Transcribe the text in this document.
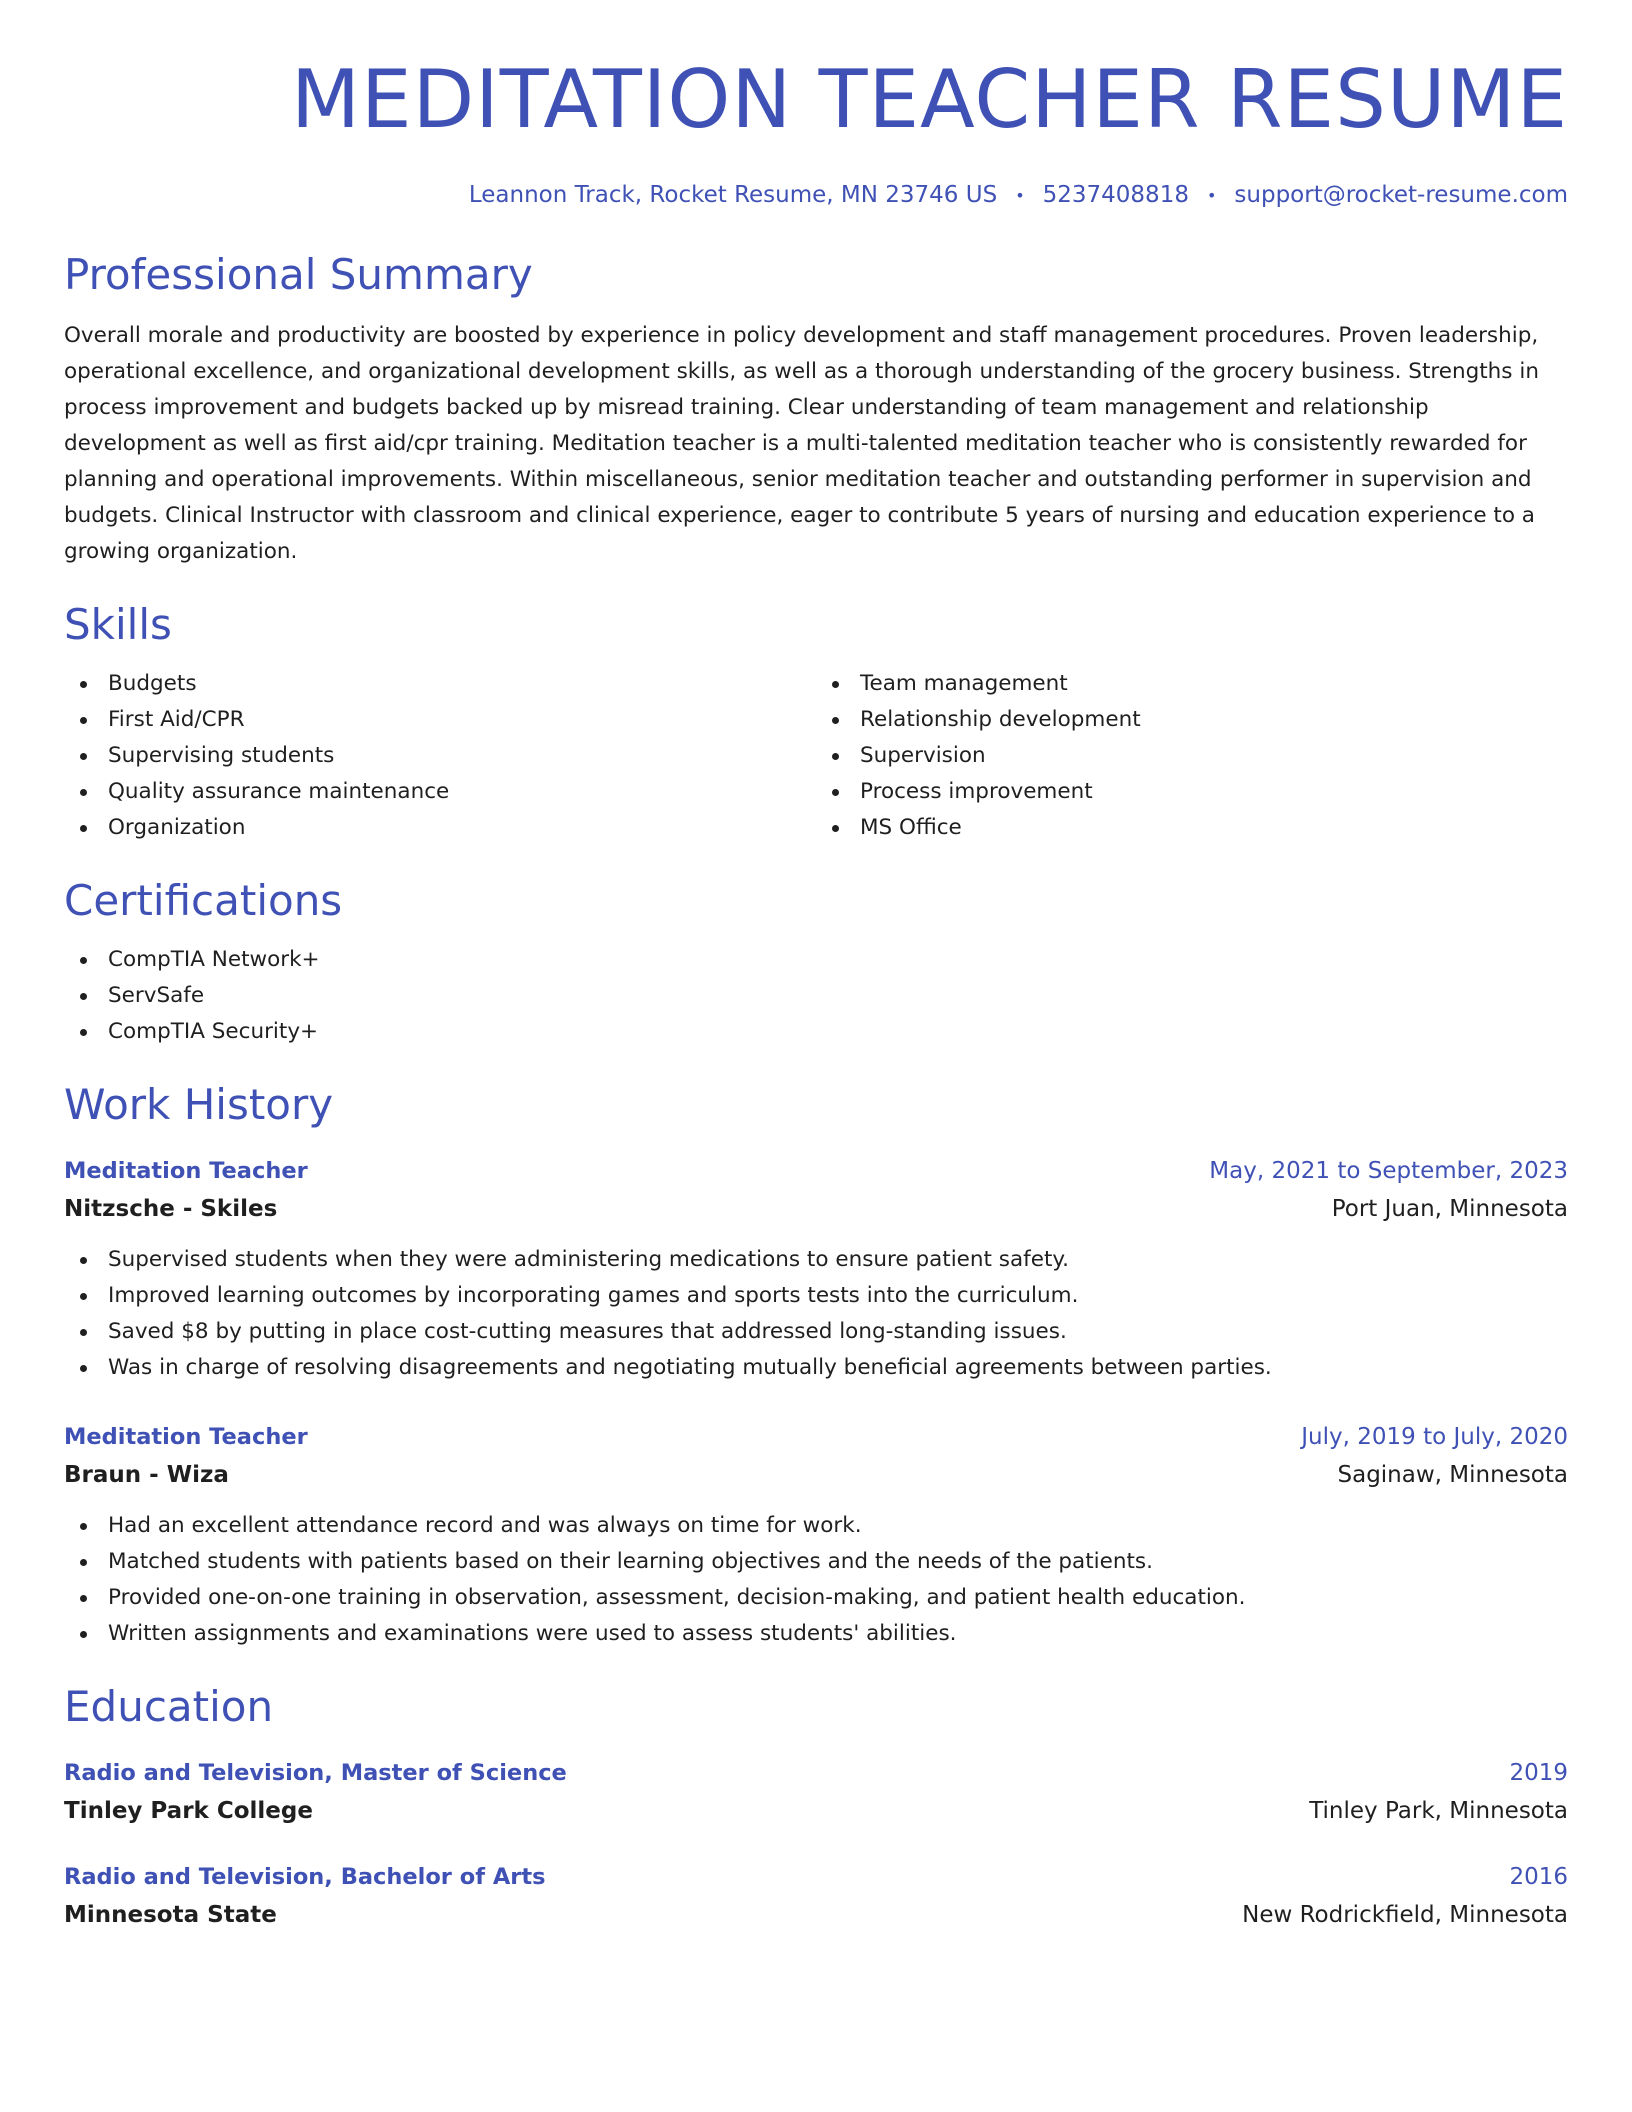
MEDITATION TEACHER RESUME
Leannon Track, Rocket Resume, MN 23746 US • 5237408818 • support@rocket-resume.com
Professional Summary

Overall morale and productivity are boosted by experience in policy development and staff management procedures. Proven leadership, operational excellence, and organizational development skills, as well as a thorough understanding of the grocery business. Strengths in process improvement and budgets backed up by misread training. Clear understanding of team management and relationship development as well as first aid/cpr training. Meditation teacher is a multi-talented meditation teacher who is consistently rewarded for planning and operational improvements. Within miscellaneous, senior meditation teacher and outstanding performer in supervision and budgets. Clinical Instructor with classroom and clinical experience, eager to contribute 5 years of nursing and education experience to a growing organization.

Skills
Budgets
First Aid/CPR
Supervising students
Quality assurance maintenance
Organization
Team management
Relationship development
Supervision
Process improvement
MS Office
Certifications
CompTIA Network+
ServSafe
CompTIA Security+
Work History
Meditation Teacher	May, 2021 to September, 2023
Nitzsche - Skiles	Port Juan, Minnesota
Supervised students when they were administering medications to ensure patient safety.
Improved learning outcomes by incorporating games and sports tests into the curriculum.
Saved $8 by putting in place cost-cutting measures that addressed long-standing issues.
Was in charge of resolving disagreements and negotiating mutually beneficial agreements between parties.
Meditation Teacher	July, 2019 to July, 2020
Braun - Wiza	Saginaw, Minnesota
Had an excellent attendance record and was always on time for work.
Matched students with patients based on their learning objectives and the needs of the patients.
Provided one-on-one training in observation, assessment, decision-making, and patient health education.
Written assignments and examinations were used to assess students' abilities.
Education
Radio and Television, Master of Science	2019
Tinley Park College	Tinley Park, Minnesota
Radio and Television, Bachelor of Arts	2016
Minnesota State	New Rodrickfield, Minnesota
